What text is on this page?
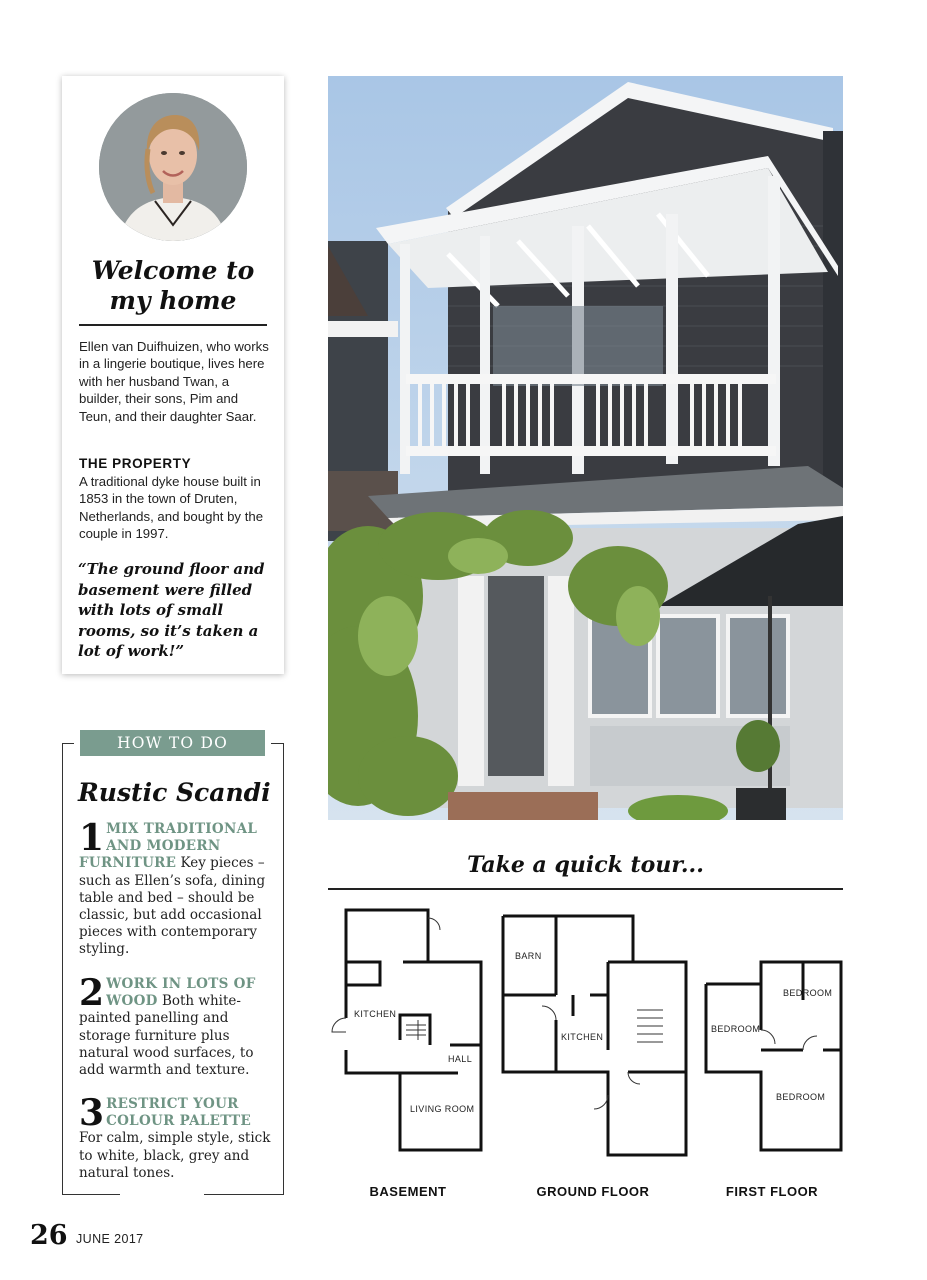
Welcome to my home
Ellen van Duifhuizen, who works in a lingerie boutique, lives here with her husband Twan, a builder, their sons, Pim and Teun, and their daughter Saar.
THE PROPERTY
A traditional dyke house built in 1853 in the town of Druten, Netherlands, and bought by the couple in 1997.
“The ground floor and basement were filled with lots of small rooms, so it’s taken a lot of work!”
HOW TO DO
Rustic Scandi
1 MIX TRADITIONAL AND MODERN FURNITURE Key pieces – such as Ellen’s sofa, dining table and bed – should be classic, but add occasional pieces with contemporary styling.
2 WORK IN LOTS OF WOOD Both white-painted panelling and storage furniture plus natural wood surfaces, to add warmth and texture.
3 RESTRICT YOUR COLOUR PALETTE For calm, simple style, stick to white, black, grey and natural tones.
Take a quick tour...
KITCHEN
HALL
LIVING ROOM
BARN
KITCHEN
BEDROOM
BEDROOM
BEDROOM
BASEMENT	GROUND FLOOR	FIRST FLOOR
26 JUNE 2017
